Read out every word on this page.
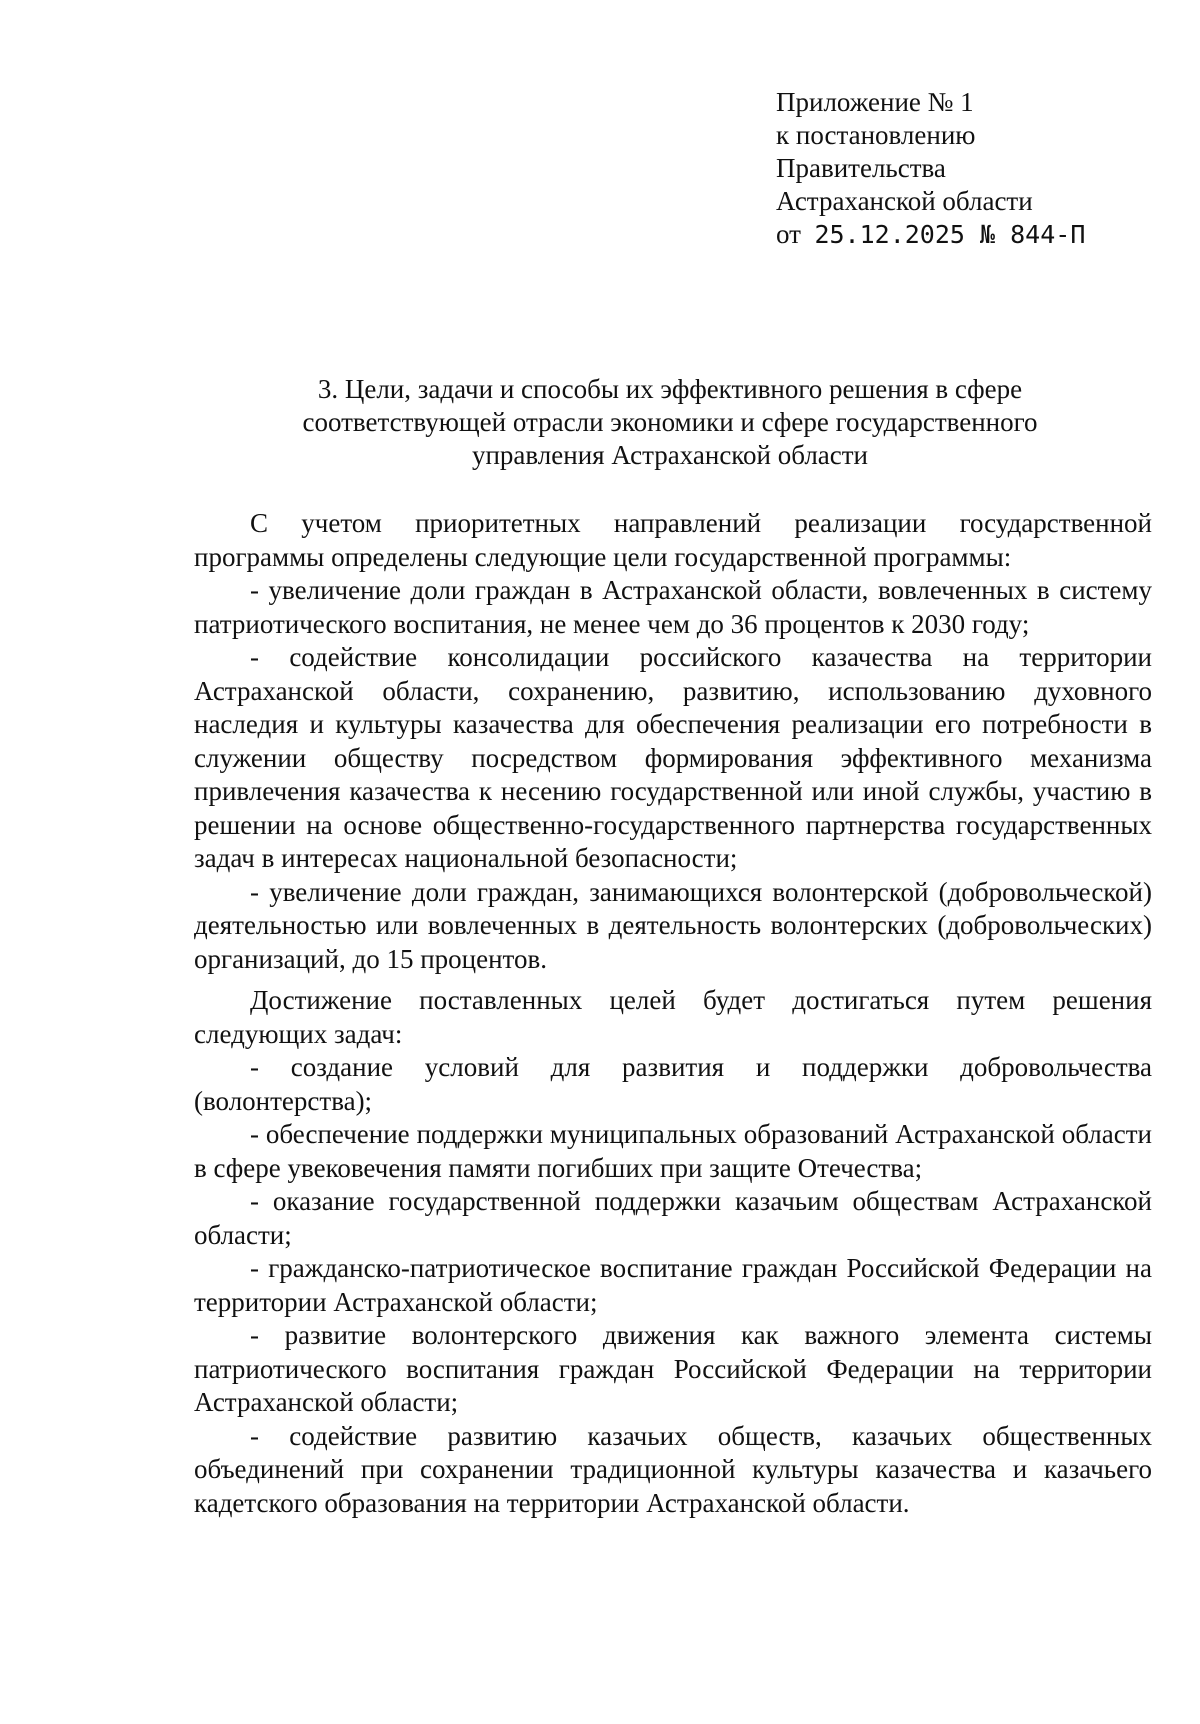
Приложение № 1
к постановлению
Правительства
Астраханской области
от 25.12.2025 № 844-П
3. Цели, задачи и способы их эффективного решения в сфере
соответствующей отрасли экономики и сфере государственного
управления Астраханской области

С учетом приоритетных направлений реализации государственной программы определены следующие цели государственной программы:

- увеличение доли граждан в Астраханской области, вовлеченных в систему патриотического воспитания, не менее чем до 36 процентов к 2030 году;

- содействие консолидации российского казачества на территории Астраханской области, сохранению, развитию, использованию духовного наследия и культуры казачества для обеспечения реализации его потребности в служении обществу посредством формирования эффективного механизма привлечения казачества к несению государственной или иной службы, участию в решении на основе общественно-государственного партнерства государственных задач в интересах национальной безопасности;

- увеличение доли граждан, занимающихся волонтерской (добровольческой) деятельностью или вовлеченных в деятельность волонтерских (добровольческих) организаций, до 15 процентов.

Достижение поставленных целей будет достигаться путем решения следующих задач:

- создание условий для развития и поддержки добровольчества (волонтерства);

- обеспечение поддержки муниципальных образований Астраханской области в сфере увековечения памяти погибших при защите Отечества;

- оказание государственной поддержки казачьим обществам Астраханской области;

- гражданско-патриотическое воспитание граждан Российской Федерации на территории Астраханской области;

- развитие волонтерского движения как важного элемента системы патриотического воспитания граждан Российской Федерации на территории Астраханской области;

- содействие развитию казачьих обществ, казачьих общественных объединений при сохранении традиционной культуры казачества и казачьего кадетского образования на территории Астраханской области.
